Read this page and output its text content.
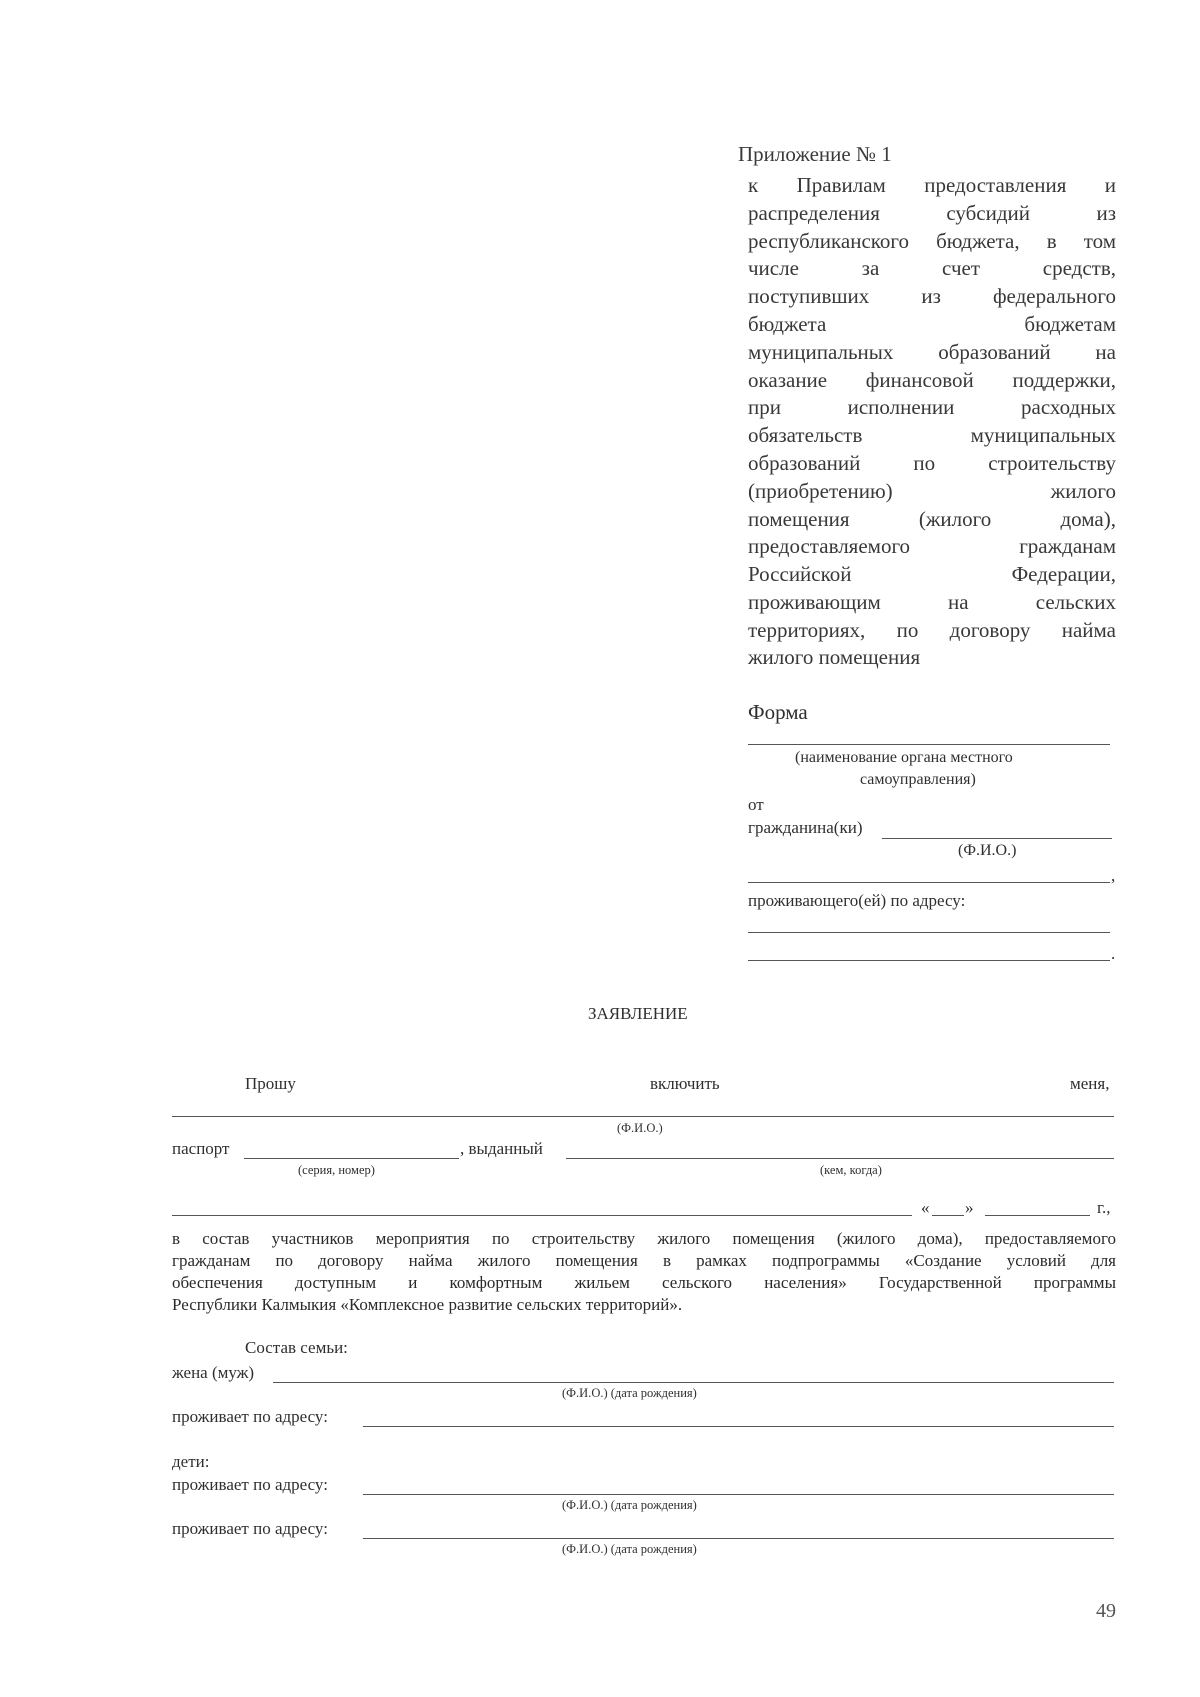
Приложение № 1
к Правилам предоставления и
распределения субсидий из
республиканского бюджета, в том
числе за счет средств,
поступивших из федерального
бюджета бюджетам
муниципальных образований на
оказание финансовой поддержки,
при исполнении расходных
обязательств муниципальных
образований по строительству
(приобретению) жилого
помещения (жилого дома),
предоставляемого гражданам
Российской Федерации,
проживающим на сельских
территориях, по договору найма
жилого помещения
Форма
(наименование органа местного
самоуправления)
от
гражданина(ки)
(Ф.И.О.)
,
проживающего(ей) по адресу:
.
ЗАЯВЛЕНИЕ
Прошу	включить	меня,
(Ф.И.О.)
паспорт	, выданный
(серия, номер)	(кем, когда)
« »	г.,
в состав участников мероприятия по строительству жилого помещения (жилого дома), предоставляемого
гражданам по договору найма жилого помещения в рамках подпрограммы «Создание условий для
обеспечения доступным и комфортным жильем сельского населения» Государственной программы
Республики Калмыкия «Комплексное развитие сельских территорий».
Состав семьи:
жена (муж)
(Ф.И.О.) (дата рождения)
проживает по адресу:
дети:
проживает по адресу:
(Ф.И.О.) (дата рождения)
проживает по адресу:
(Ф.И.О.) (дата рождения)
49
